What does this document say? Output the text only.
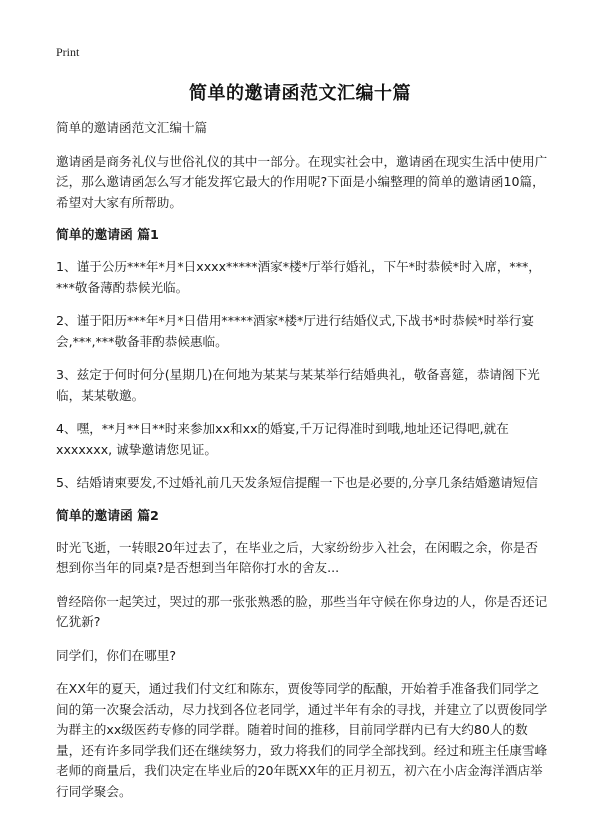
Print
简单的邀请函范文汇编十篇

简单的邀请函范文汇编十篇

邀请函是商务礼仪与世俗礼仪的其中一部分。在现实社会中，邀请函在现实生活中使用广泛，那么邀请函怎么写才能发挥它最大的作用呢?下面是小编整理的简单的邀请函10篇，希望对大家有所帮助。

简单的邀请函 篇1

1、谨于公历***年*月*日xxxx*****酒家*楼*厅举行婚礼，下午*时恭候*时入席，***，***敬备薄酌恭候光临。

2、谨于阳历***年*月*日借用*****酒家*楼*厅进行结婚仪式,下战书*时恭候*时举行宴会,***,***敬备菲酌恭候惠临。

3、兹定于何时何分(星期几)在何地为某某与某某举行结婚典礼，敬备喜筵，恭请阁下光临，某某敬邀。

4、嘿，**月**日**时来参加xx和xx的婚宴,千万记得准时到哦,地址还记得吧,就在xxxxxxx, 诚挚邀请您见证。

5、结婚请柬要发,不过婚礼前几天发条短信提醒一下也是必要的,分享几条结婚邀请短信

简单的邀请函 篇2

时光飞逝，一转眼20年过去了，在毕业之后，大家纷纷步入社会，在闲暇之余，你是否想到你当年的同桌?是否想到当年陪你打水的舍友...

曾经陪你一起笑过，哭过的那一张张熟悉的脸，那些当年守候在你身边的人，你是否还记忆犹新?

同学们，你们在哪里?

在XX年的夏天，通过我们付文红和陈东，贾俊等同学的酝酿，开始着手准备我们同学之间的第一次聚会活动，尽力找到各位老同学，通过半年有余的寻找，并建立了以贾俊同学为群主的xx级医药专修的同学群。随着时间的推移，目前同学群内已有大约80人的数量，还有许多同学我们还在继续努力，致力将我们的同学全部找到。经过和班主任康雪峰老师的商量后，我们决定在毕业后的20年既XX年的正月初五，初六在小店金海洋酒店举行同学聚会。
